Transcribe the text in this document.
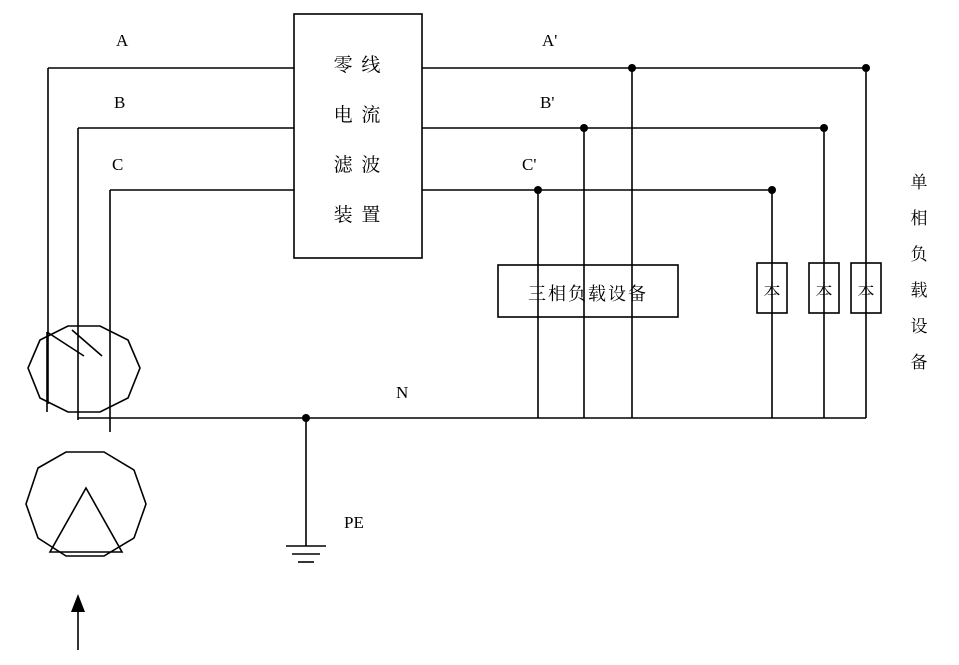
A
B
C
A'
B'
C'
N
PE
零 线
电 流
滤 波
装 置
三相负载设备	本	本	本
单
相
负
载
设
备
